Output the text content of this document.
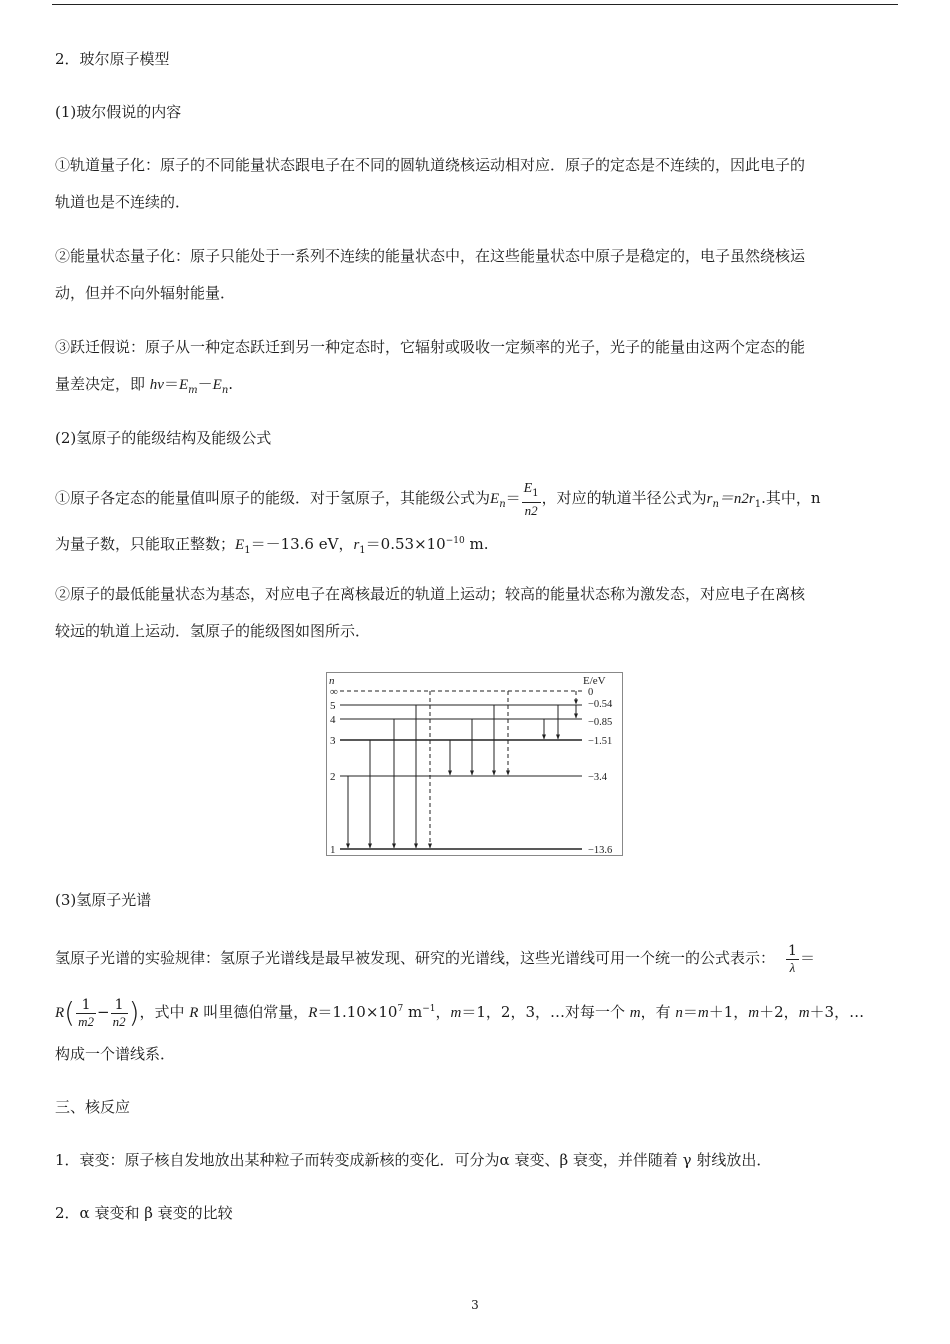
2．玻尔原子模型
(1)玻尔假说的内容
①轨道量子化：原子的不同能量状态跟电子在不同的圆轨道绕核运动相对应．原子的定态是不连续的，因此电子的
轨道也是不连续的．
②能量状态量子化：原子只能处于一系列不连续的能量状态中，在这些能量状态中原子是稳定的，电子虽然绕核运
动，但并不向外辐射能量．
③跃迁假说：原子从一种定态跃迁到另一种定态时，它辐射或吸收一定频率的光子，光子的能量由这两个定态的能
量差决定，即 $h\nu=E_m-E_n$.
(2)氢原子的能级结构及能级公式
①原子各定态的能量值叫原子的能级．对于氢原子，其能级公式为$E_n= \frac{E_1}{n2}$ ，对应的轨道半径公式为$r_n=n2r_1$.其中，n
为量子数，只能取正整数；$E_1=-13.6$ eV，$r_1=0.53\times 10^{-10}$ m.
②原子的最低能量状态为基态，对应电子在离核最近的轨道上运动；较高的能量状态称为激发态，对应电子在离核
较远的轨道上运动．氢原子的能级图如图所示．
n	E/eV
∞	0
5	−0.54
4	−0.85
3	−1.51
2	−3.4
1	−13.6
(3)氢原子光谱
氢原子光谱的实验规律：氢原子光谱线是最早被发现、研究的光谱线，这些光谱线可用一个统一的公式表示： $\frac{1}{\lambda}$ ＝
$R( \frac{1}{m2} - \frac{1}{n2}$ )，式中 R 叫里德伯常量，$R=1.10\times 10^7$ $m^{-1}$，m＝1，2，3，…对每一个 m，有 n＝m＋1，m＋2，m＋3，…
构成一个谱线系．
三、核反应
1．衰变：原子核自发地放出某种粒子而转变成新核的变化．可分为α 衰变、β 衰变，并伴随着 γ 射线放出．
2．α 衰变和 β 衰变的比较
3
